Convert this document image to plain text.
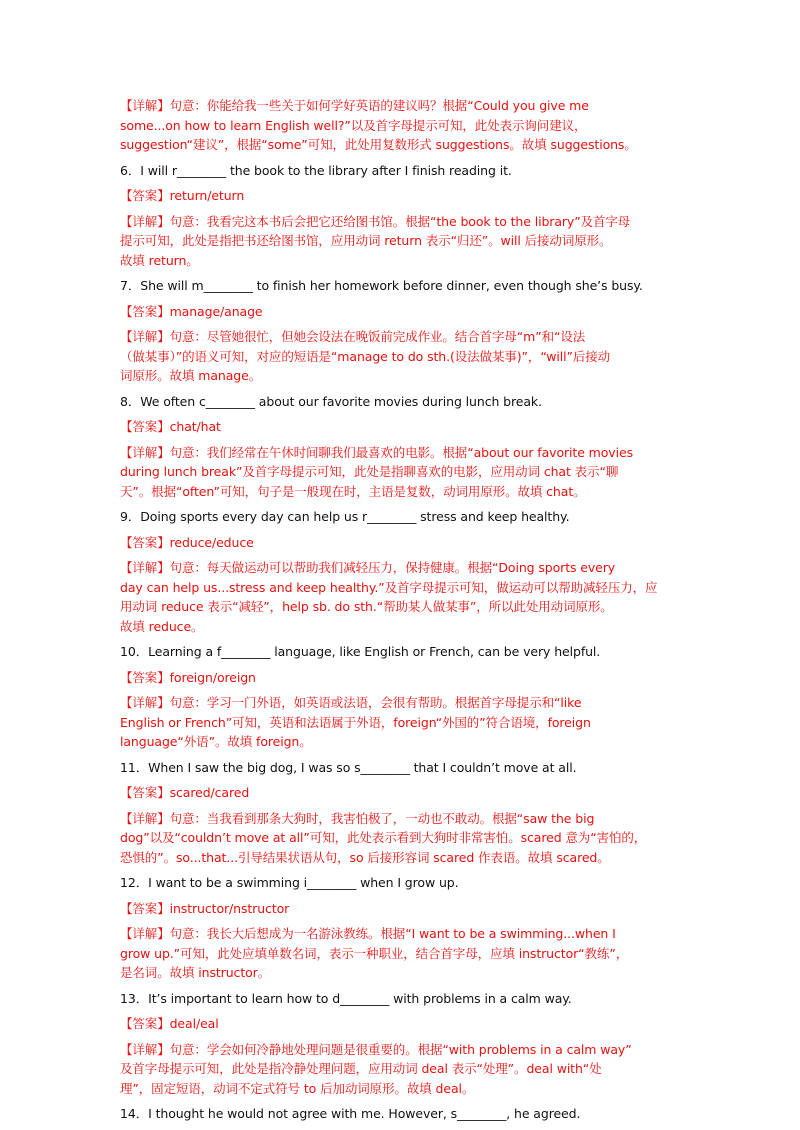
【详解】句意：你能给我一些关于如何学好英语的建议吗？根据“Could you give me
some...on how to learn English well?”以及首字母提示可知，此处表示询问建议，
suggestion“建议”，根据“some”可知，此处用复数形式 suggestions。故填 suggestions。
6．I will r________ the book to the library after I finish reading it.
【答案】return/eturn
【详解】句意：我看完这本书后会把它还给图书馆。根据“the book to the library”及首字母
提示可知，此处是指把书还给图书馆，应用动词 return 表示“归还”。will 后接动词原形。
故填 return。
7．She will m________ to finish her homework before dinner, even though she’s busy.
【答案】manage/anage
【详解】句意：尽管她很忙，但她会设法在晚饭前完成作业。结合首字母“m”和“设法
（做某事）”的语义可知，对应的短语是“manage to do sth.(设法做某事)”，“will”后接动
词原形。故填 manage。
8．We often c________ about our favorite movies during lunch break.
【答案】chat/hat
【详解】句意：我们经常在午休时间聊我们最喜欢的电影。根据“about our favorite movies
during lunch break”及首字母提示可知，此处是指聊喜欢的电影，应用动词 chat 表示“聊
天”。根据“often”可知，句子是一般现在时，主语是复数，动词用原形。故填 chat。
9．Doing sports every day can help us r________ stress and keep healthy.
【答案】reduce/educe
【详解】句意：每天做运动可以帮助我们减轻压力，保持健康。根据“Doing sports every
day can help us...stress and keep healthy.”及首字母提示可知，做运动可以帮助减轻压力，应
用动词 reduce 表示“减轻”，help sb. do sth.“帮助某人做某事”，所以此处用动词原形。
故填 reduce。
10．Learning a f________ language, like English or French, can be very helpful.
【答案】foreign/oreign
【详解】句意：学习一门外语，如英语或法语，会很有帮助。根据首字母提示和“like
English or French”可知，英语和法语属于外语，foreign“外国的”符合语境，foreign
language“外语”。故填 foreign。
11．When I saw the big dog, I was so s________ that I couldn’t move at all.
【答案】scared/cared
【详解】句意：当我看到那条大狗时，我害怕极了，一动也不敢动。根据“saw the big
dog”以及“couldn’t move at all”可知，此处表示看到大狗时非常害怕。scared 意为“害怕的，
恐惧的”。so...that...引导结果状语从句，so 后接形容词 scared 作表语。故填 scared。
12．I want to be a swimming i________ when I grow up.
【答案】instructor/nstructor
【详解】句意：我长大后想成为一名游泳教练。根据“I want to be a swimming...when I
grow up.”可知，此处应填单数名词，表示一种职业，结合首字母，应填 instructor“教练”，
是名词。故填 instructor。
13．It’s important to learn how to d________ with problems in a calm way.
【答案】deal/eal
【详解】句意：学会如何冷静地处理问题是很重要的。根据“with problems in a calm way”
及首字母提示可知，此处是指冷静处理问题，应用动词 deal 表示“处理”。deal with“处
理”，固定短语，动词不定式符号 to 后加动词原形。故填 deal。
14．I thought he would not agree with me. However, s________, he agreed.
